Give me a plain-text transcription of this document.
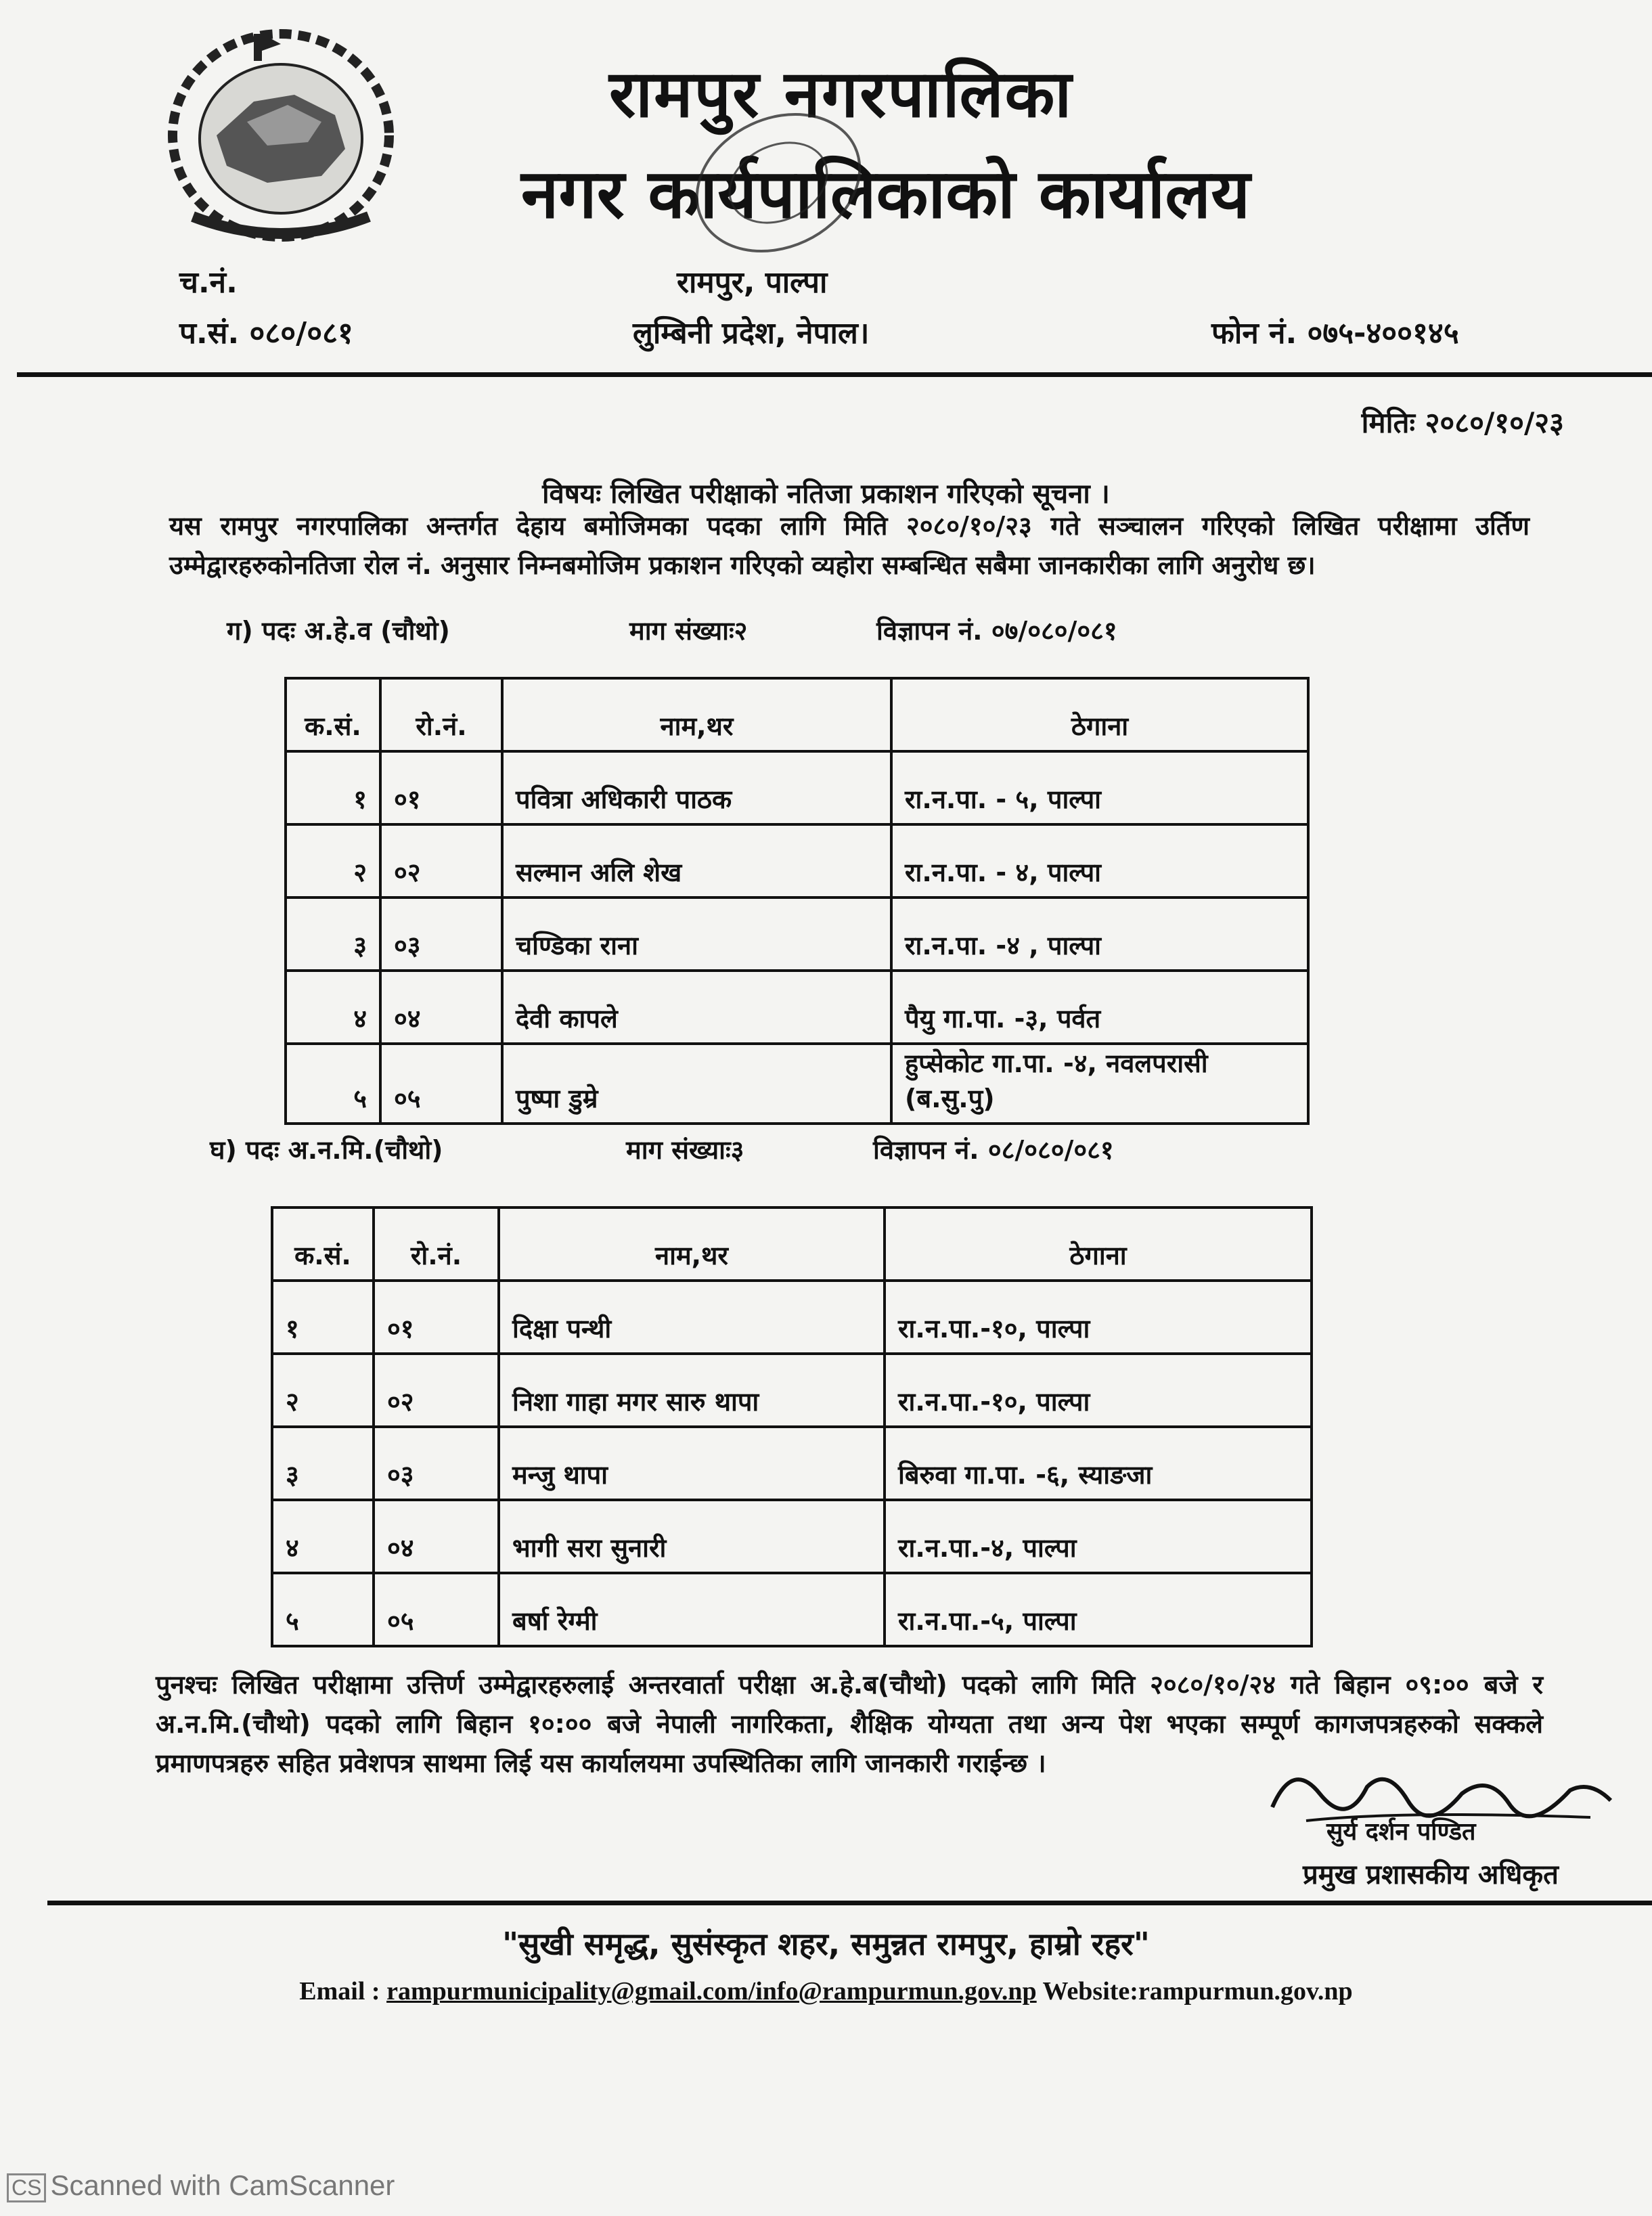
रामपुर नगरपालिका
नगर कार्यपालिकाको कार्यालय
रामपुर, पाल्पा
लुम्बिनी प्रदेश, नेपाल।
च.नं.
प.सं. ०८०/०८१	फोन नं. ०७५-४००१४५
मितिः २०८०/१०/२३
विषयः लिखित परीक्षाको नतिजा प्रकाशन गरिएको सूचना ।
यस रामपुर नगरपालिका अन्तर्गत देहाय बमोजिमका पदका लागि मिति २०८०/१०/२३ गते सञ्चालन गरिएको लिखित परीक्षामा उर्तिण उम्मेद्वारहरुकोनतिजा रोल नं. अनुसार निम्नबमोजिम प्रकाशन गरिएको व्यहोरा सम्बन्धित सबैमा जानकारीका लागि अनुरोध छ।
ग) पदः अ.हे.व (चौथो)	माग संख्याः२	विज्ञापन नं. ०७/०८०/०८१
क.सं.	रो.नं.	नाम,थर	ठेगाना
१	०१	पवित्रा अधिकारी पाठक	रा.न.पा. - ५, पाल्पा
२	०२	सल्मान अलि शेख	रा.न.पा. - ४, पाल्पा
३	०३	चण्डिका राना	रा.न.पा. -४ , पाल्पा
४	०४	देवी कापले	पैयु गा.पा. -३, पर्वत
५	०५	पुष्पा डुम्रे	हुप्सेकोट गा.पा. -४, नवलपरासी (ब.सु.पु)
घ) पदः अ.न.मि.(चौथो)	माग संख्याः३	विज्ञापन नं. ०८/०८०/०८१
क.सं.	रो.नं.	नाम,थर	ठेगाना
१	०१	दिक्षा पन्थी	रा.न.पा.-१०, पाल्पा
२	०२	निशा गाहा मगर सारु थापा	रा.न.पा.-१०, पाल्पा
३	०३	मन्जु थापा	बिरुवा गा.पा. -६, स्याङजा
४	०४	भागी सरा सुनारी	रा.न.पा.-४, पाल्पा
५	०५	बर्षा रेग्मी	रा.न.पा.-५, पाल्पा
पुनश्चः लिखित परीक्षामा उत्तिर्ण उम्मेद्वारहरुलाई अन्तरवार्ता परीक्षा अ.हे.ब(चौथो) पदको लागि मिति २०८०/१०/२४ गते बिहान ०९:०० बजे र अ.न.मि.(चौथो) पदको लागि बिहान १०:०० बजे नेपाली नागरिकता, शैक्षिक योग्यता तथा अन्य पेश भएका सम्पूर्ण कागजपत्रहरुको सक्कले प्रमाणपत्रहरु सहित प्रवेशपत्र साथमा लिई यस कार्यालयमा उपस्थितिका लागि जानकारी गराईन्छ ।
सुर्य दर्शन पण्डित
प्रमुख प्रशासकीय अधिकृत
"सुखी समृद्ध, सुसंस्कृत शहर, समुन्नत रामपुर, हाम्रो रहर"
Email : rampurmunicipality@gmail.com/info@rampurmun.gov.np Website:rampurmun.gov.np
CS Scanned with CamScanner
